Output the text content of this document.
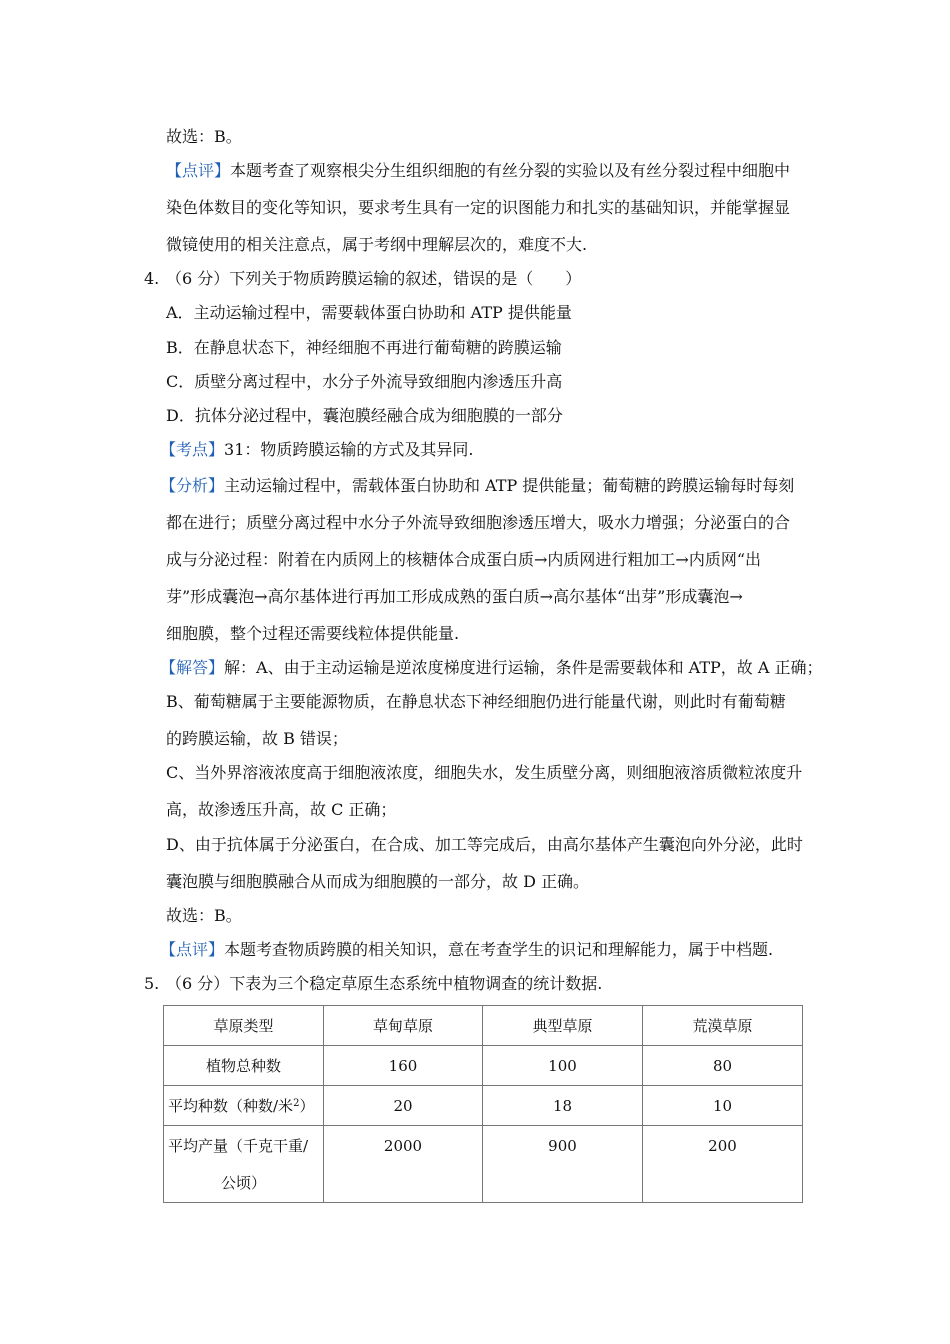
故选：B。
【点评】本题考查了观察根尖分生组织细胞的有丝分裂的实验以及有丝分裂过程中细胞中
染色体数目的变化等知识，要求考生具有一定的识图能力和扎实的基础知识，并能掌握显
微镜使用的相关注意点，属于考纲中理解层次的，难度不大.
4. （6 分）下列关于物质跨膜运输的叙述，错误的是（　　）
A．主动运输过程中，需要载体蛋白协助和 ATP 提供能量
B．在静息状态下，神经细胞不再进行葡萄糖的跨膜运输
C．质壁分离过程中，水分子外流导致细胞内渗透压升高
D．抗体分泌过程中，囊泡膜经融合成为细胞膜的一部分
【考点】31：物质跨膜运输的方式及其异同.
【分析】主动运输过程中，需载体蛋白协助和 ATP 提供能量；葡萄糖的跨膜运输每时每刻
都在进行；质壁分离过程中水分子外流导致细胞渗透压增大，吸水力增强；分泌蛋白的合
成与分泌过程：附着在内质网上的核糖体合成蛋白质→内质网进行粗加工→内质网“出
芽”形成囊泡→高尔基体进行再加工形成成熟的蛋白质→高尔基体“出芽”形成囊泡→
细胞膜，整个过程还需要线粒体提供能量.
【解答】解：A、由于主动运输是逆浓度梯度进行运输，条件是需要载体和 ATP，故 A 正确；
B、葡萄糖属于主要能源物质，在静息状态下神经细胞仍进行能量代谢，则此时有葡萄糖
的跨膜运输，故 B 错误；
C、当外界溶液浓度高于细胞液浓度，细胞失水，发生质壁分离，则细胞液溶质微粒浓度升
高，故渗透压升高，故 C 正确；
D、由于抗体属于分泌蛋白，在合成、加工等完成后，由高尔基体产生囊泡向外分泌，此时
囊泡膜与细胞膜融合从而成为细胞膜的一部分，故 D 正确。
故选：B。
【点评】本题考查物质跨膜的相关知识，意在考查学生的识记和理解能力，属于中档题.
5. （6 分）下表为三个稳定草原生态系统中植物调查的统计数据.
草原类型	草甸草原	典型草原	荒漠草原
植物总种数	160	100	80
平均种数（种数/米$^2$）	20	18	10

平均产量（千克干重/
公顷）	2000	900	200
